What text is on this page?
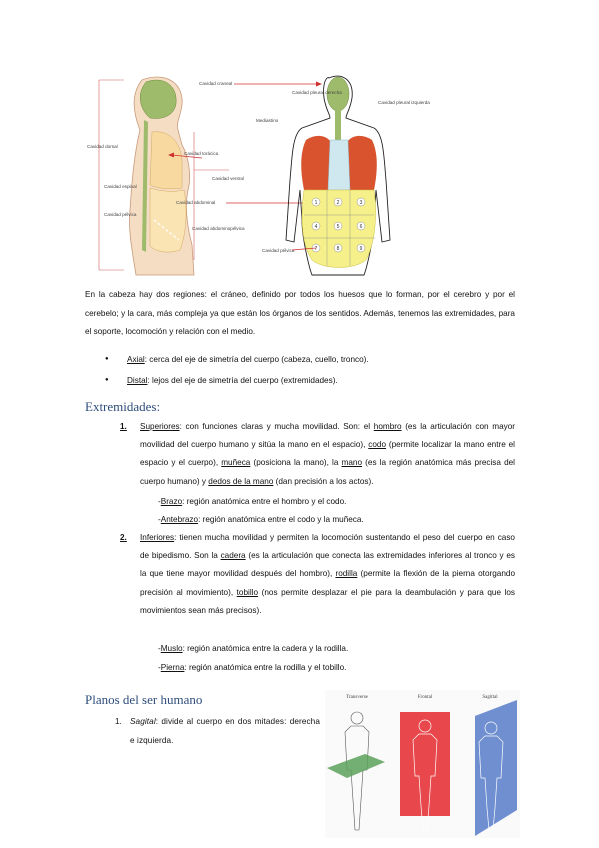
Cavidad craneal
Cavidad dorsal
Cavidad torácica
Cavidad ventral
Cavidad espinal
Cavidad abdominal
Cavidad pélvica
Cavidad abdominopélvica
1	2	3
4	5	6
7	8	9
Cavidad pleural derecha
Cavidad pleural izquierda
Mediastino
Cavidad pélvica

En la cabeza hay dos regiones: el cráneo, definido por todos los huesos que lo forman, por el cerebro y por el cerebelo; y la cara, más compleja ya que están los órganos de los sentidos. Además, tenemos las extremidades, para el soporte, locomoción y relación con el medio.

● Axial: cerca del eje de simetría del cuerpo (cabeza, cuello, tronco).
● Distal: lejos del eje de simetría del cuerpo (extremidades).
Extremidades:
1. Superiores: con funciones claras y mucha movilidad. Son: el hombro (es la articulación con mayor movilidad del cuerpo humano y sitúa la mano en el espacio), codo (permite localizar la mano entre el espacio y el cuerpo), muñeca (posiciona la mano), la mano (es la región anatómica más precisa del cuerpo humano) y dedos de la mano (dan precisión a los actos).
-Brazo: región anatómica entre el hombro y el codo.
-Antebrazo: región anatómica entre el codo y la muñeca.
2. Inferiores: tienen mucha movilidad y permiten la locomoción sustentando el peso del cuerpo en caso de bipedismo. Son la cadera (es la articulación que conecta las extremidades inferiores al tronco y es la que tiene mayor movilidad después del hombro), rodilla (permite la flexión de la pierna otorgando precisión al movimiento), tobillo (nos permite desplazar el pie para la deambulación y para que los movimientos sean más precisos).
-Muslo: región anatómica entre la cadera y la rodilla.
-Pierna: región anatómica entre la rodilla y el tobillo.
Planos del ser humano
1. Sagital: divide al cuerpo en dos mitades: derecha e izquierda.
Transverse	Frontal	Sagittal
